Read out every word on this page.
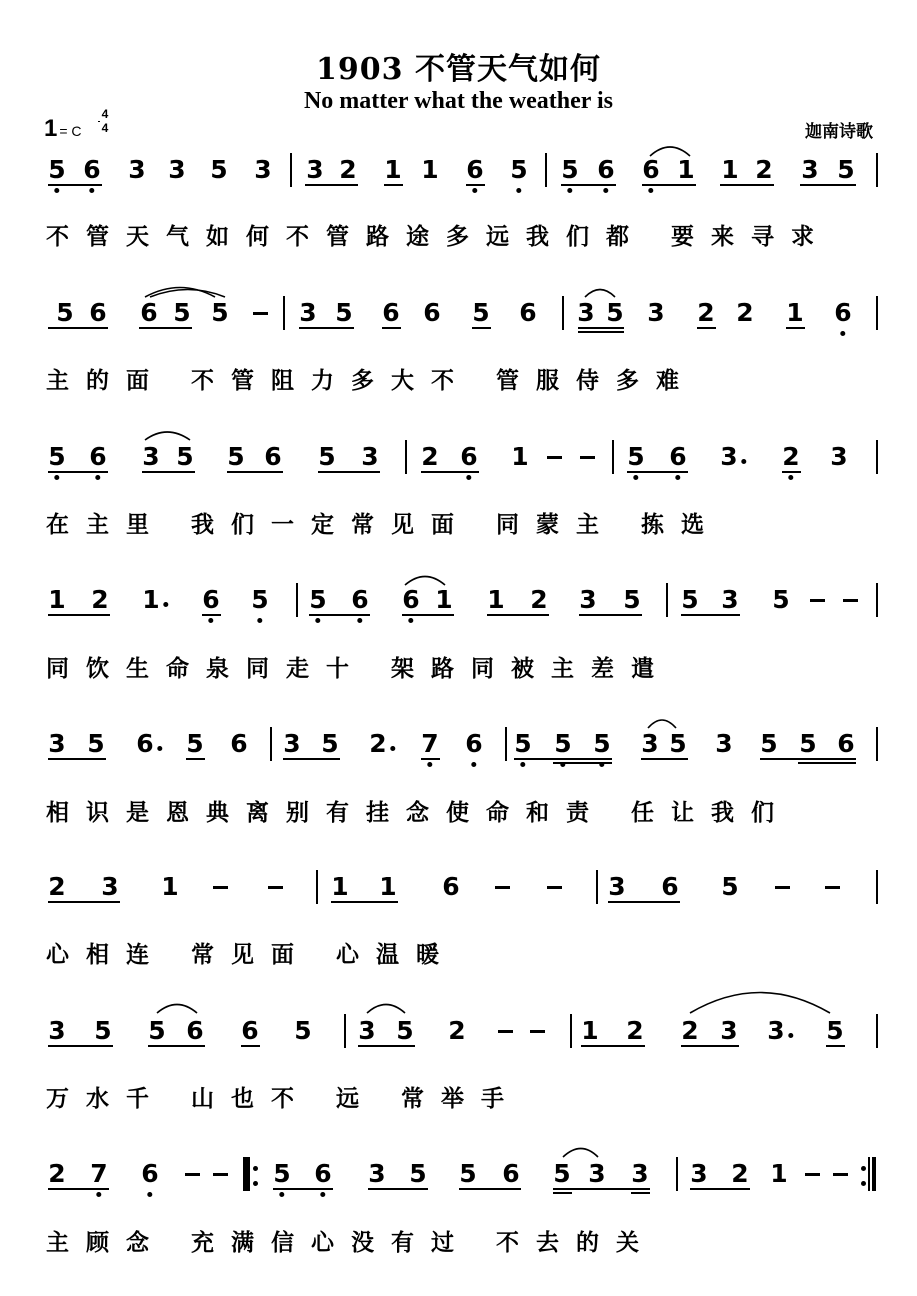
1903 不管天气如何
No matter what the weather is
1 = C
4
4	迦南诗歌
5 6 3 3 5 3 3 2 1 1 6 5 5 6 6 1 1 2 3 5
5 6 6 5 5	3 5 6 6 5 6 3 5 3 2 2 1 6
5 6 3 5 5 6 5 3 2 6 1	5 6 3 2 3
1 2 1 6 5 5 6 6 1 1 2 3 5 5 3 5
3 5 6 5 6 3 5 2 7 6 5 5 5 3 5 3 5 5 6
2 3 1	1 1 6	3 6 5
3 5 5 6 6 5 3 5 2	1 2 2 3 3 5
2 7 6	5 6 3 5 5 6 5 3 3 3 2 1
不管天气如何不管路途多远我们都 要来寻求
主的面 不管阻力多大不 管服侍多难
在主里 我们一定常见面 同蒙主 拣选
同饮生命泉同走十 架路同被主差遣
相识是恩典离别有挂念使命和责 任让我们
心相连 常见面 心温暖
万水千 山也不 远 常举手
主顾念 充满信心没有过 不去的关
